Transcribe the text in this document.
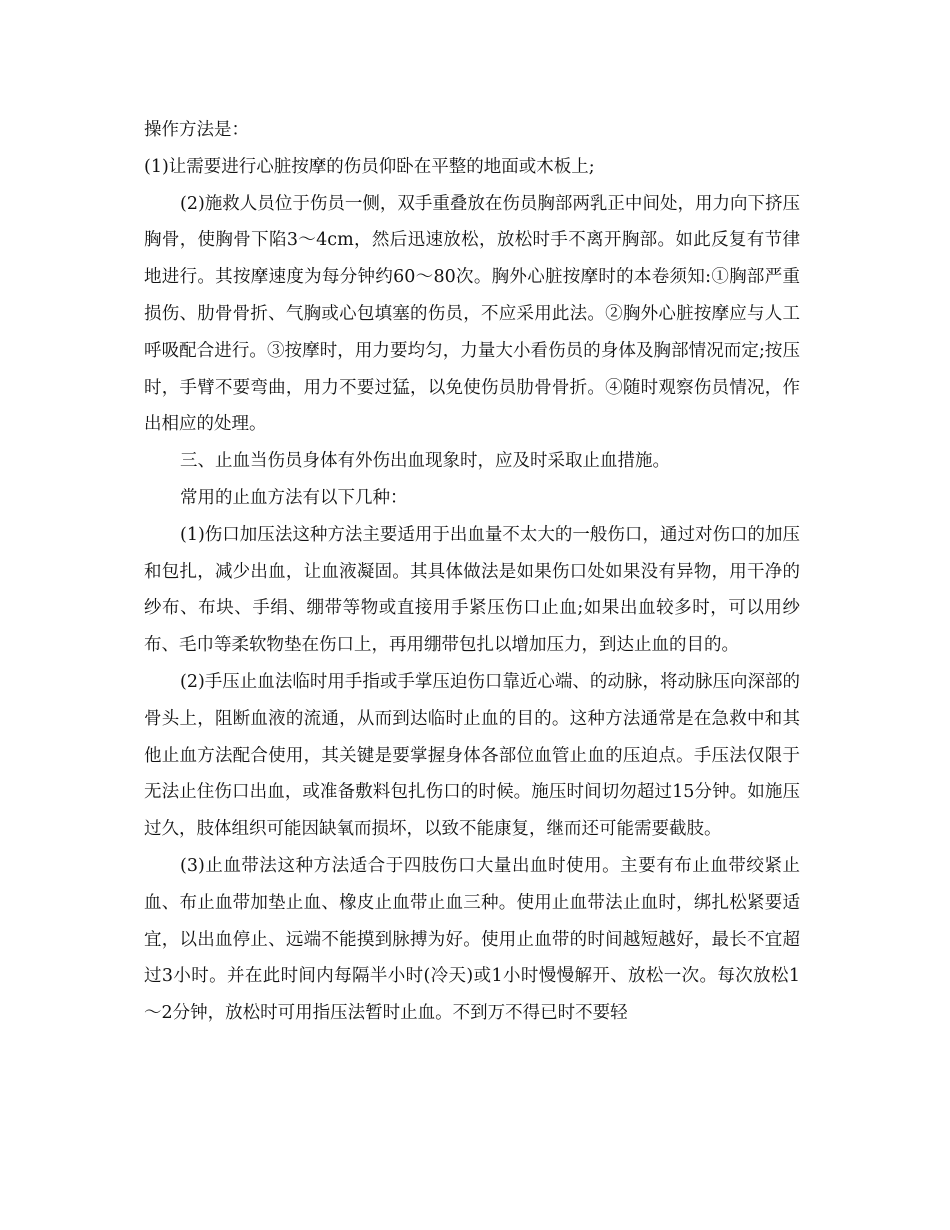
操作方法是：

(1)让需要进行心脏按摩的伤员仰卧在平整的地面或木板上;

(2)施救人员位于伤员一侧，双手重叠放在伤员胸部两乳正中间处，用力向下挤压胸骨，使胸骨下陷3～4cm，然后迅速放松，放松时手不离开胸部。如此反复有节律地进行。其按摩速度为每分钟约60～80次。胸外心脏按摩时的本卷须知:①胸部严重损伤、肋骨骨折、气胸或心包填塞的伤员，不应采用此法。②胸外心脏按摩应与人工呼吸配合进行。③按摩时，用力要均匀，力量大小看伤员的身体及胸部情况而定;按压时，手臂不要弯曲，用力不要过猛，以免使伤员肋骨骨折。④随时观察伤员情况，作出相应的处理。

三、止血当伤员身体有外伤出血现象时，应及时采取止血措施。

常用的止血方法有以下几种：

(1)伤口加压法这种方法主要适用于出血量不太大的一般伤口，通过对伤口的加压和包扎，减少出血，让血液凝固。其具体做法是如果伤口处如果没有异物，用干净的纱布、布块、手绢、绷带等物或直接用手紧压伤口止血;如果出血较多时，可以用纱布、毛巾等柔软物垫在伤口上，再用绷带包扎以增加压力，到达止血的目的。

(2)手压止血法临时用手指或手掌压迫伤口靠近心端、的动脉，将动脉压向深部的骨头上，阻断血液的流通，从而到达临时止血的目的。这种方法通常是在急救中和其他止血方法配合使用，其关键是要掌握身体各部位血管止血的压迫点。手压法仅限于无法止住伤口出血，或准备敷料包扎伤口的时候。施压时间切勿超过15分钟。如施压过久，肢体组织可能因缺氧而损坏，以致不能康复，继而还可能需要截肢。

(3)止血带法这种方法适合于四肢伤口大量出血时使用。主要有布止血带绞紧止血、布止血带加垫止血、橡皮止血带止血三种。使用止血带法止血时，绑扎松紧要适宜，以出血停止、远端不能摸到脉搏为好。使用止血带的时间越短越好，最长不宜超过3小时。并在此时间内每隔半小时(冷天)或1小时慢慢解开、放松一次。每次放松1～2分钟，放松时可用指压法暂时止血。不到万不得已时不要轻
